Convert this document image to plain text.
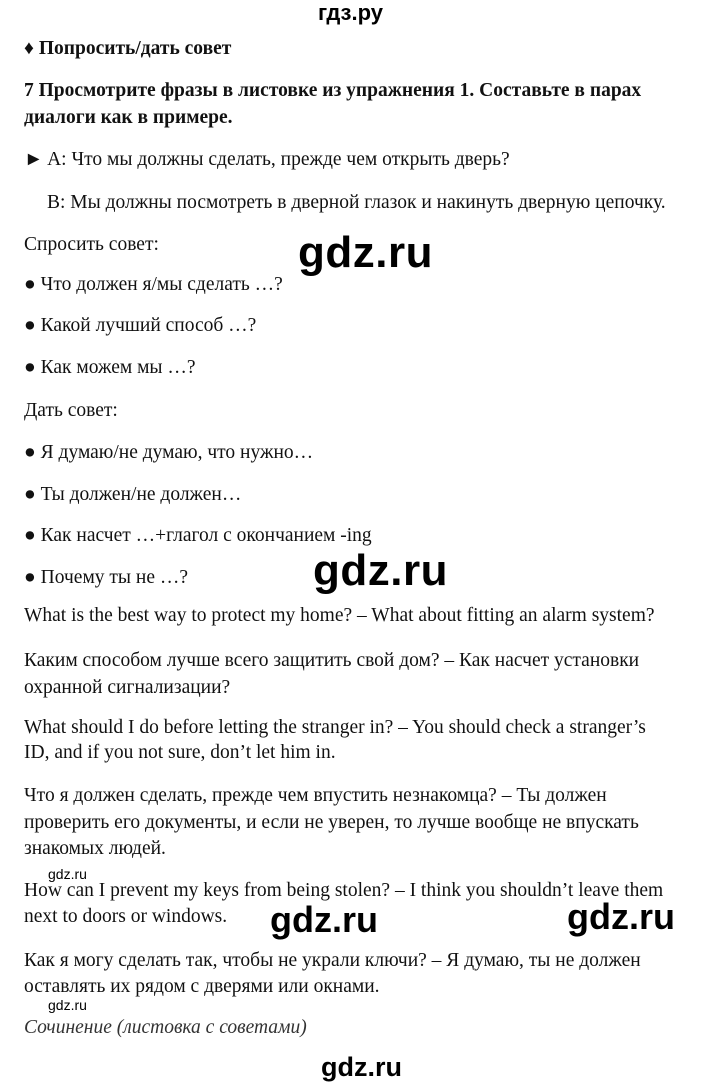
гдз.ру
♦ Попросить/дать совет
7 Просмотрите фразы в листовке из упражнения 1. Составьте в парах
диалоги как в примере.
► A: Что мы должны сделать, прежде чем открыть дверь?
B: Мы должны посмотреть в дверной глазок и накинуть дверную цепочку.
Спросить совет:
● Что должен я/мы сделать …?
● Какой лучший способ …?
● Как можем мы …?
Дать совет:
● Я думаю/не думаю, что нужно…
● Ты должен/не должен…
● Как насчет …+глагол с окончанием -ing
● Почему ты не …?
What is the best way to protect my home? – What about fitting an alarm system?
Каким способом лучше всего защитить свой дом? – Как насчет установки
охранной сигнализации?
What should I do before letting the stranger in? – You should check a stranger’s
ID, and if you not sure, don’t let him in.
Что я должен сделать, прежде чем впустить незнакомца? – Ты должен
проверить его документы, и если не уверен, то лучше вообще не впускать
знакомых людей.
How can I prevent my keys from being stolen? – I think you shouldn’t leave them
next to doors or windows.
Как я могу сделать так, чтобы не украли ключи? – Я думаю, ты не должен
оставлять их рядом с дверями или окнами.
Сочинение (листовка с советами)
gdz.ru
gdz.ru
gdz.ru	gdz.ru
gdz.ru
gdz.ru
gdz.ru
